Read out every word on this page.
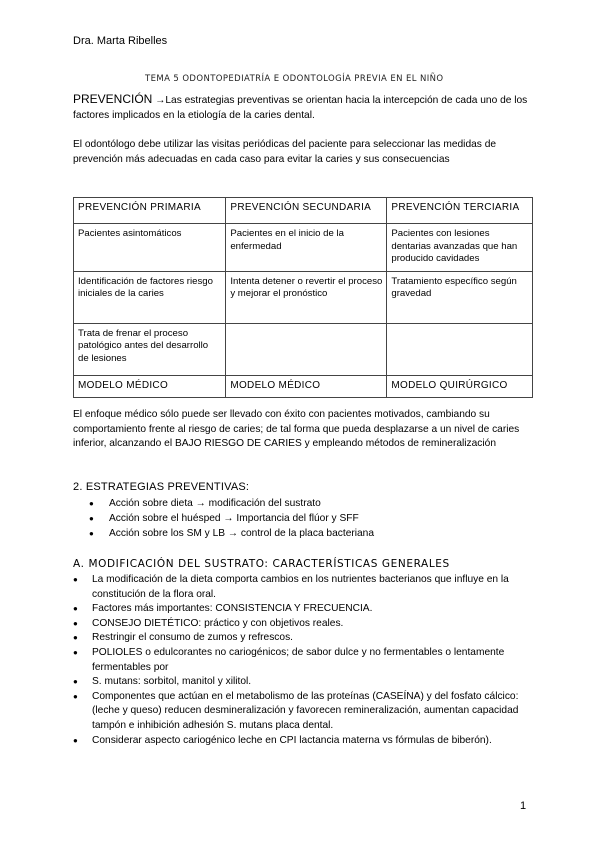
Dra. Marta Ribelles
TEMA 5 ODONTOPEDIATRÍA E ODONTOLOGÍA PREVIA EN EL NIÑO
PREVENCIÓN →Las estrategias preventivas se orientan hacia la intercepción de cada uno de los factores implicados en la etiología de la caries dental.
El odontólogo debe utilizar las visitas periódicas del paciente para seleccionar las medidas de prevención más adecuadas en cada caso para evitar la caries y sus consecuencias
PREVENCIÓN PRIMARIA	PREVENCIÓN SECUNDARIA	PREVENCIÓN TERCIARIA
Pacientes asintomáticos	Pacientes en el inicio de la enfermedad	Pacientes con lesiones dentarias avanzadas que han producido cavidades
Identificación de factores riesgo iniciales de la caries	Intenta detener o revertir el proceso y mejorar el pronóstico	Tratamiento específico según gravedad
Trata de frenar el proceso patológico antes del desarrollo de lesiones		
MODELO MÉDICO	MODELO MÉDICO	MODELO QUIRÚRGICO
El enfoque médico sólo puede ser llevado con éxito con pacientes motivados, cambiando su comportamiento frente al riesgo de caries; de tal forma que pueda desplazarse a un nivel de caries inferior, alcanzando el BAJO RIESGO DE CARIES y empleando métodos de remineralización
2. ESTRATEGIAS PREVENTIVAS:
● Acción sobre dieta → modificación del sustrato
● Acción sobre el huésped → Importancia del flúor y SFF
● Acción sobre los SM y LB → control de la placa bacteriana
A. MODIFICACIÓN DEL SUSTRATO: CARACTERÍSTICAS GENERALES
● La modificación de la dieta comporta cambios en los nutrientes bacterianos que influye en la constitución de la flora oral.
● Factores más importantes: CONSISTENCIA Y FRECUENCIA.
● CONSEJO DIETÉTICO: práctico y con objetivos reales.
● Restringir el consumo de zumos y refrescos.
● POLIOLES o edulcorantes no cariogénicos; de sabor dulce y no fermentables o lentamente fermentables por
● S. mutans: sorbitol, manitol y xilitol.
● Componentes que actúan en el metabolismo de las proteínas (CASEÍNA) y del fosfato cálcico: (leche y queso) reducen desmineralización y favorecen remineralización, aumentan capacidad tampón e inhibición adhesión S. mutans placa dental.
● Considerar aspecto cariogénico leche en CPI lactancia materna vs fórmulas de biberón).
1
